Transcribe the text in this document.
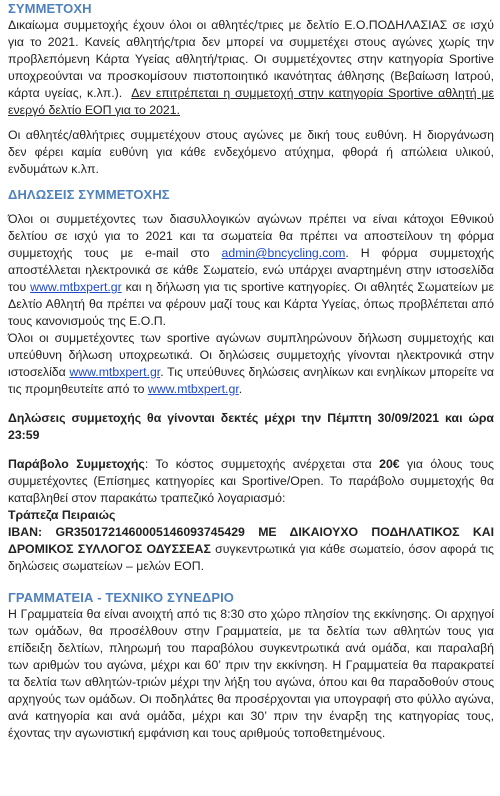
ΣΥΜΜΕΤΟΧΗ

Δικαίωμα συμμετοχής έχουν όλοι οι αθλητές/τριες με δελτίο Ε.Ο.ΠΟΔΗΛΑΣΙΑΣ σε ισχύ για το 2021. Κανείς αθλητής/τρια δεν μπορεί να συμμετέχει στους αγώνες χωρίς την προβλεπόμενη Κάρτα Υγείας αθλητή/τριας. Οι συμμετέχοντες στην κατηγορία Sportive υποχρεούνται να προσκομίσουν πιστοποιητικό ικανότητας άθλησης (Βεβαίωση Ιατρού, κάρτα υγείας, κ.λπ.). Δεν επιτρέπεται η συμμετοχή στην κατηγορία Sportive αθλητή με ενεργό δελτίο ΕΟΠ για το 2021.

Οι αθλητές/αθλήτριες συμμετέχουν στους αγώνες με δική τους ευθύνη. Η διοργάνωση δεν φέρει καμία ευθύνη για κάθε ενδεχόμενο ατύχημα, φθορά ή απώλεια υλικού, ενδυμάτων κ.λπ.

ΔΗΛΩΣΕΙΣ ΣΥΜΜΕΤΟΧΗΣ

Όλοι οι συμμετέχοντες των διασυλλογικών αγώνων πρέπει να είναι κάτοχοι Εθνικού δελτίου σε ισχύ για το 2021 και τα σωματεία θα πρέπει να αποστείλουν τη φόρμα συμμετοχής τους με e-mail στο admin@bncycling.com. Η φόρμα συμμετοχής αποστέλλεται ηλεκτρονικά σε κάθε Σωματείο, ενώ υπάρχει αναρτημένη στην ιστοσελίδα του www.mtbxpert.gr και η δήλωση για τις sportive κατηγορίες. Οι αθλητές Σωματείων με Δελτίο Αθλητή θα πρέπει να φέρουν μαζί τους και Κάρτα Υγείας, όπως προβλέπεται από τους κανονισμούς της Ε.Ο.Π.

Όλοι οι συμμετέχοντες των sportive αγώνων συμπληρώνουν δήλωση συμμετοχής και υπεύθυνη δήλωση υποχρεωτικά. Οι δηλώσεις συμμετοχής γίνονται ηλεκτρονικά στην ιστοσελίδα www.mtbxpert.gr. Τις υπεύθυνες δηλώσεις ανηλίκων και ενηλίκων μπορείτε να τις προμηθευτείτε από το www.mtbxpert.gr.

Δηλώσεις συμμετοχής θα γίνονται δεκτές μέχρι την Πέμπτη 30/09/2021 και ώρα 23:59

Παράβολο Συμμετοχής: Το κόστος συμμετοχής ανέρχεται στα 20€ για όλους τους συμμετέχοντες (Επίσημες κατηγορίες και Sportive/Open. Το παράβολο συμμετοχής θα καταβληθεί στον παρακάτω τραπεζικό λογαριασμό:

Τράπεζα Πειραιώς

IBAN: GR3501721460005146093745429 ΜΕ ΔΙΚΑΙΟΥΧΟ ΠΟΔΗΛΑΤΙΚΟΣ ΚΑΙ ΔΡΟΜΙΚΟΣ ΣΥΛΛΟΓΟΣ ΟΔΥΣΣΕΑΣ συγκεντρωτικά για κάθε σωματείο, όσον αφορά τις δηλώσεις σωματείων – μελών ΕΟΠ.

ΓΡΑΜΜΑΤΕΙΑ - ΤΕΧΝΙΚΟ ΣΥΝΕΔΡΙΟ

Η Γραμματεία θα είναι ανοιχτή από τις 8:30 στο χώρο πλησίον της εκκίνησης. Οι αρχηγοί των ομάδων, θα προσέλθουν στην Γραμματεία, με τα δελτία των αθλητών τους για επίδειξη δελτίων, πληρωμή του παραβόλου συγκεντρωτικά ανά ομάδα, και παραλαβή των αριθμών του αγώνα, μέχρι και 60’ πριν την εκκίνηση. Η Γραμματεία θα παρακρατεί τα δελτία των αθλητών-τριών μέχρι την λήξη του αγώνα, όπου και θα παραδοθούν στους αρχηγούς των ομάδων. Οι ποδηλάτες θα προσέρχονται για υπογραφή στο φύλλο αγώνα, ανά κατηγορία και ανά ομάδα, μέχρι και 30’ πριν την έναρξη της κατηγορίας τους, έχοντας την αγωνιστική εμφάνιση και τους αριθμούς τοποθετημένους.
